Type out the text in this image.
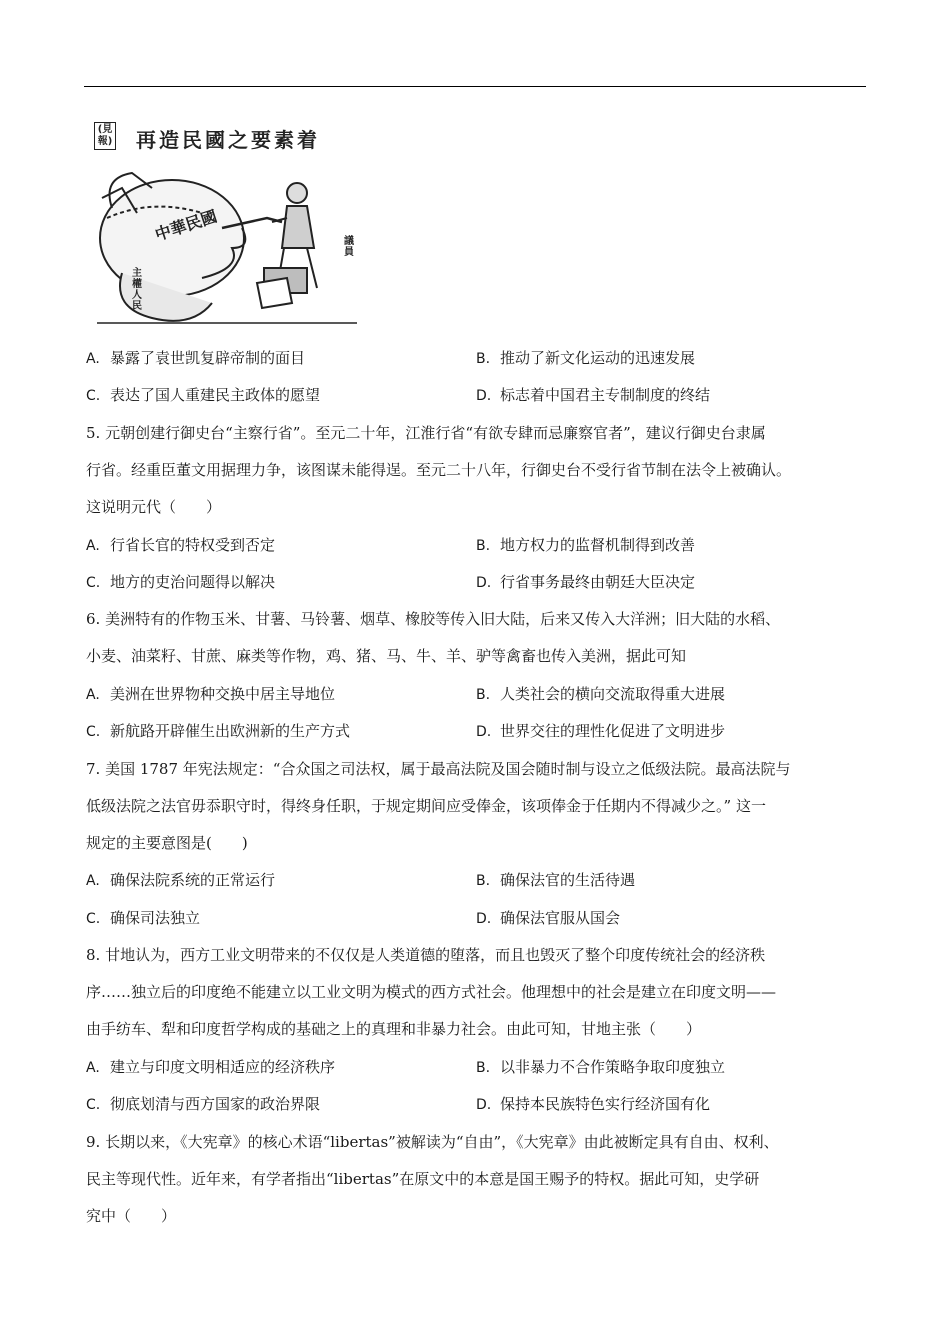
(見報) 再造民國之要素着
中華民國
主權人民
議員
A. 暴露了袁世凯复辟帝制的面目	B. 推动了新文化运动的迅速发展
C. 表达了国人重建民主政体的愿望	D. 标志着中国君主专制制度的终结
5. 元朝创建行御史台“主察行省”。至元二十年，江淮行省“有欲专肆而忌廉察官者”，建议行御史台隶属
行省。经重臣董文用据理力争，该图谋未能得逞。至元二十八年，行御史台不受行省节制在法令上被确认。
这说明元代（　　）
A. 行省长官的特权受到否定	B. 地方权力的监督机制得到改善
C. 地方的吏治问题得以解决	D. 行省事务最终由朝廷大臣决定
6. 美洲特有的作物玉米、甘薯、马铃薯、烟草、橡胶等传入旧大陆，后来又传入大洋洲；旧大陆的水稻、
小麦、油菜籽、甘蔗、麻类等作物，鸡、猪、马、牛、羊、驴等禽畜也传入美洲，据此可知
A. 美洲在世界物种交换中居主导地位	B. 人类社会的横向交流取得重大进展
C. 新航路开辟催生出欧洲新的生产方式	D. 世界交往的理性化促进了文明进步
7. 美国 1787 年宪法规定：“合众国之司法权，属于最高法院及国会随时制与设立之低级法院。最高法院与
低级法院之法官毋忝职守时，得终身任职，于规定期间应受俸金，该项俸金于任期内不得减少之。” 这一
规定的主要意图是(　　)
A. 确保法院系统的正常运行	B. 确保法官的生活待遇
C. 确保司法独立	D. 确保法官服从国会
8. 甘地认为，西方工业文明带来的不仅仅是人类道德的堕落，而且也毁灭了整个印度传统社会的经济秩
序……独立后的印度绝不能建立以工业文明为模式的西方式社会。他理想中的社会是建立在印度文明——
由手纺车、犁和印度哲学构成的基础之上的真理和非暴力社会。由此可知，甘地主张（　　）
A. 建立与印度文明相适应的经济秩序	B. 以非暴力不合作策略争取印度独立
C. 彻底划清与西方国家的政治界限	D. 保持本民族特色实行经济国有化
9. 长期以来，《大宪章》的核心术语“libertas”被解读为“自由”，《大宪章》由此被断定具有自由、权利、
民主等现代性。近年来，有学者指出“libertas”在原文中的本意是国王赐予的特权。据此可知，史学研
究中（　　）
